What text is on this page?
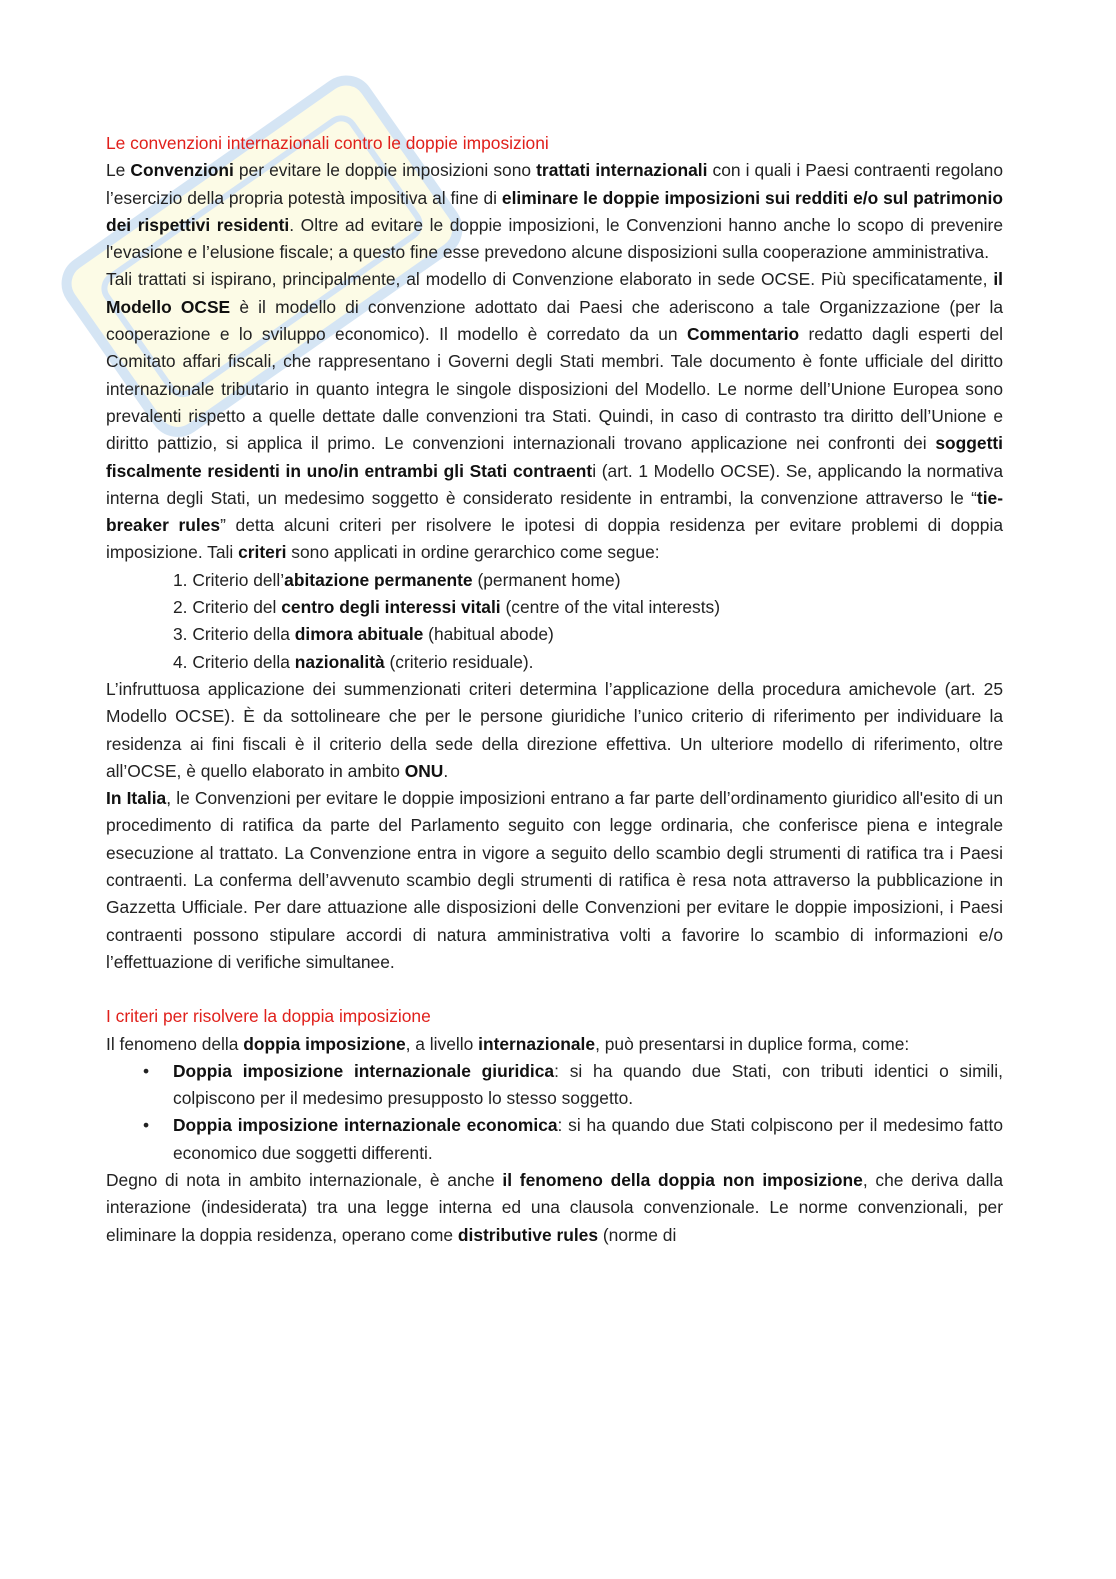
Le convenzioni internazionali contro le doppie imposizioni

Le Convenzioni per evitare le doppie imposizioni sono trattati internazionali con i quali i Paesi contraenti regolano l’esercizio della propria potestà impositiva al fine di eliminare le doppie imposizioni sui redditi e/o sul patrimonio dei rispettivi residenti. Oltre ad evitare le doppie imposizioni, le Convenzioni hanno anche lo scopo di prevenire l'evasione e l’elusione fiscale; a questo fine esse prevedono alcune disposizioni sulla cooperazione amministrativa.

Tali trattati si ispirano, principalmente, al modello di Convenzione elaborato in sede OCSE. Più specificatamente, il Modello OCSE è il modello di convenzione adottato dai Paesi che aderiscono a tale Organizzazione (per la cooperazione e lo sviluppo economico). Il modello è corredato da un Commentario redatto dagli esperti del Comitato affari fiscali, che rappresentano i Governi degli Stati membri. Tale documento è fonte ufficiale del diritto internazionale tributario in quanto integra le singole disposizioni del Modello. Le norme dell’Unione Europea sono prevalenti rispetto a quelle dettate dalle convenzioni tra Stati. Quindi, in caso di contrasto tra diritto dell’Unione e diritto pattizio, si applica il primo. Le convenzioni internazionali trovano applicazione nei confronti dei soggetti fiscalmente residenti in uno/in entrambi gli Stati contraenti (art. 1 Modello OCSE). Se, applicando la normativa interna degli Stati, un medesimo soggetto è considerato residente in entrambi, la convenzione attraverso le “tie-breaker rules” detta alcuni criteri per risolvere le ipotesi di doppia residenza per evitare problemi di doppia imposizione. Tali criteri sono applicati in ordine gerarchico come segue:

1. Criterio dell’abitazione permanente (permanent home)
2. Criterio del centro degli interessi vitali (centre of the vital interests)
3. Criterio della dimora abituale (habitual abode)
4. Criterio della nazionalità (criterio residuale).

L’infruttuosa applicazione dei summenzionati criteri determina l’applicazione della procedura amichevole (art. 25 Modello OCSE). È da sottolineare che per le persone giuridiche l’unico criterio di riferimento per individuare la residenza ai fini fiscali è il criterio della sede della direzione effettiva. Un ulteriore modello di riferimento, oltre all’OCSE, è quello elaborato in ambito ONU.

In Italia, le Convenzioni per evitare le doppie imposizioni entrano a far parte dell’ordinamento giuridico all'esito di un procedimento di ratifica da parte del Parlamento seguito con legge ordinaria, che conferisce piena e integrale esecuzione al trattato. La Convenzione entra in vigore a seguito dello scambio degli strumenti di ratifica tra i Paesi contraenti. La conferma dell’avvenuto scambio degli strumenti di ratifica è resa nota attraverso la pubblicazione in Gazzetta Ufficiale. Per dare attuazione alle disposizioni delle Convenzioni per evitare le doppie imposizioni, i Paesi contraenti possono stipulare accordi di natura amministrativa volti a favorire lo scambio di informazioni e/o l’effettuazione di verifiche simultanee.

I criteri per risolvere la doppia imposizione

Il fenomeno della doppia imposizione, a livello internazionale, può presentarsi in duplice forma, come:

• Doppia imposizione internazionale giuridica: si ha quando due Stati, con tributi identici o simili, colpiscono per il medesimo presupposto lo stesso soggetto.
• Doppia imposizione internazionale economica: si ha quando due Stati colpiscono per il medesimo fatto economico due soggetti differenti.

Degno di nota in ambito internazionale, è anche il fenomeno della doppia non imposizione, che deriva dalla interazione (indesiderata) tra una legge interna ed una clausola convenzionale. Le norme convenzionali, per eliminare la doppia residenza, operano come distributive rules (norme di
